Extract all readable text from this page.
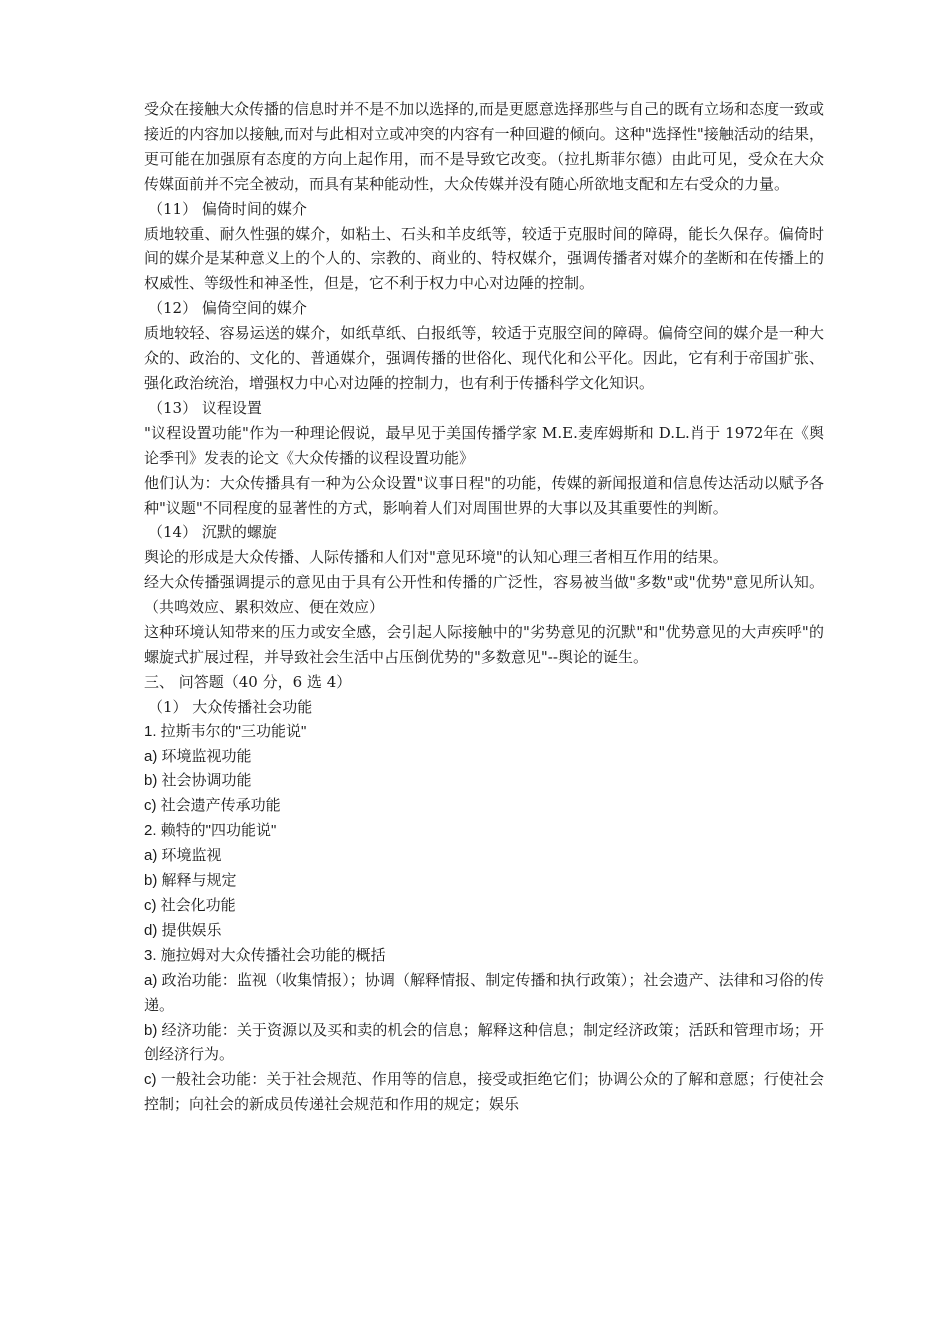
受众在接触大众传播的信息时并不是不加以选择的,而是更愿意选择那些与自己的既有立场和态度一致或接近的内容加以接触,而对与此相对立或冲突的内容有一种回避的倾向。这种"选择性"接触活动的结果，更可能在加强原有态度的方向上起作用，而不是导致它改变。（拉扎斯菲尔德）由此可见，受众在大众传媒面前并不完全被动，而具有某种能动性，大众传媒并没有随心所欲地支配和左右受众的力量。

（11） 偏倚时间的媒介

质地较重、耐久性强的媒介，如粘土、石头和羊皮纸等，较适于克服时间的障碍，能长久保存。偏倚时间的媒介是某种意义上的个人的、宗教的、商业的、特权媒介，强调传播者对媒介的垄断和在传播上的权威性、等级性和神圣性，但是，它不利于权力中心对边陲的控制。

（12） 偏倚空间的媒介

质地较轻、容易运送的媒介，如纸草纸、白报纸等，较适于克服空间的障碍。偏倚空间的媒介是一种大众的、政治的、文化的、普通媒介，强调传播的世俗化、现代化和公平化。因此，它有利于帝国扩张、强化政治统治，增强权力中心对边陲的控制力，也有利于传播科学文化知识。

（13） 议程设置

"议程设置功能"作为一种理论假说，最早见于美国传播学家 M.E.麦库姆斯和 D.L.肖于 1972年在《舆论季刊》发表的论文《大众传播的议程设置功能》

他们认为：大众传播具有一种为公众设置"议事日程"的功能，传媒的新闻报道和信息传达活动以赋予各种"议题"不同程度的显著性的方式，影响着人们对周围世界的大事以及其重要性的判断。

（14） 沉默的螺旋

舆论的形成是大众传播、人际传播和人们对"意见环境"的认知心理三者相互作用的结果。

经大众传播强调提示的意见由于具有公开性和传播的广泛性，容易被当做"多数"或"优势"意见所认知。（共鸣效应、累积效应、便在效应）

这种环境认知带来的压力或安全感，会引起人际接触中的"劣势意见的沉默"和"优势意见的大声疾呼"的螺旋式扩展过程，并导致社会生活中占压倒优势的"多数意见"--舆论的诞生。

三、 问答题（40 分，6 选 4）

（1） 大众传播社会功能

1. 拉斯韦尔的"三功能说"

a) 环境监视功能

b) 社会协调功能

c) 社会遗产传承功能

2. 赖特的"四功能说"

a) 环境监视

b) 解释与规定

c) 社会化功能

d) 提供娱乐

3. 施拉姆对大众传播社会功能的概括

a) 政治功能：监视（收集情报）；协调（解释情报、制定传播和执行政策）；社会遗产、法律和习俗的传递。

b) 经济功能：关于资源以及买和卖的机会的信息；解释这种信息；制定经济政策；活跃和管理市场；开创经济行为。

c) 一般社会功能：关于社会规范、作用等的信息，接受或拒绝它们；协调公众的了解和意愿；行使社会控制；向社会的新成员传递社会规范和作用的规定；娱乐
